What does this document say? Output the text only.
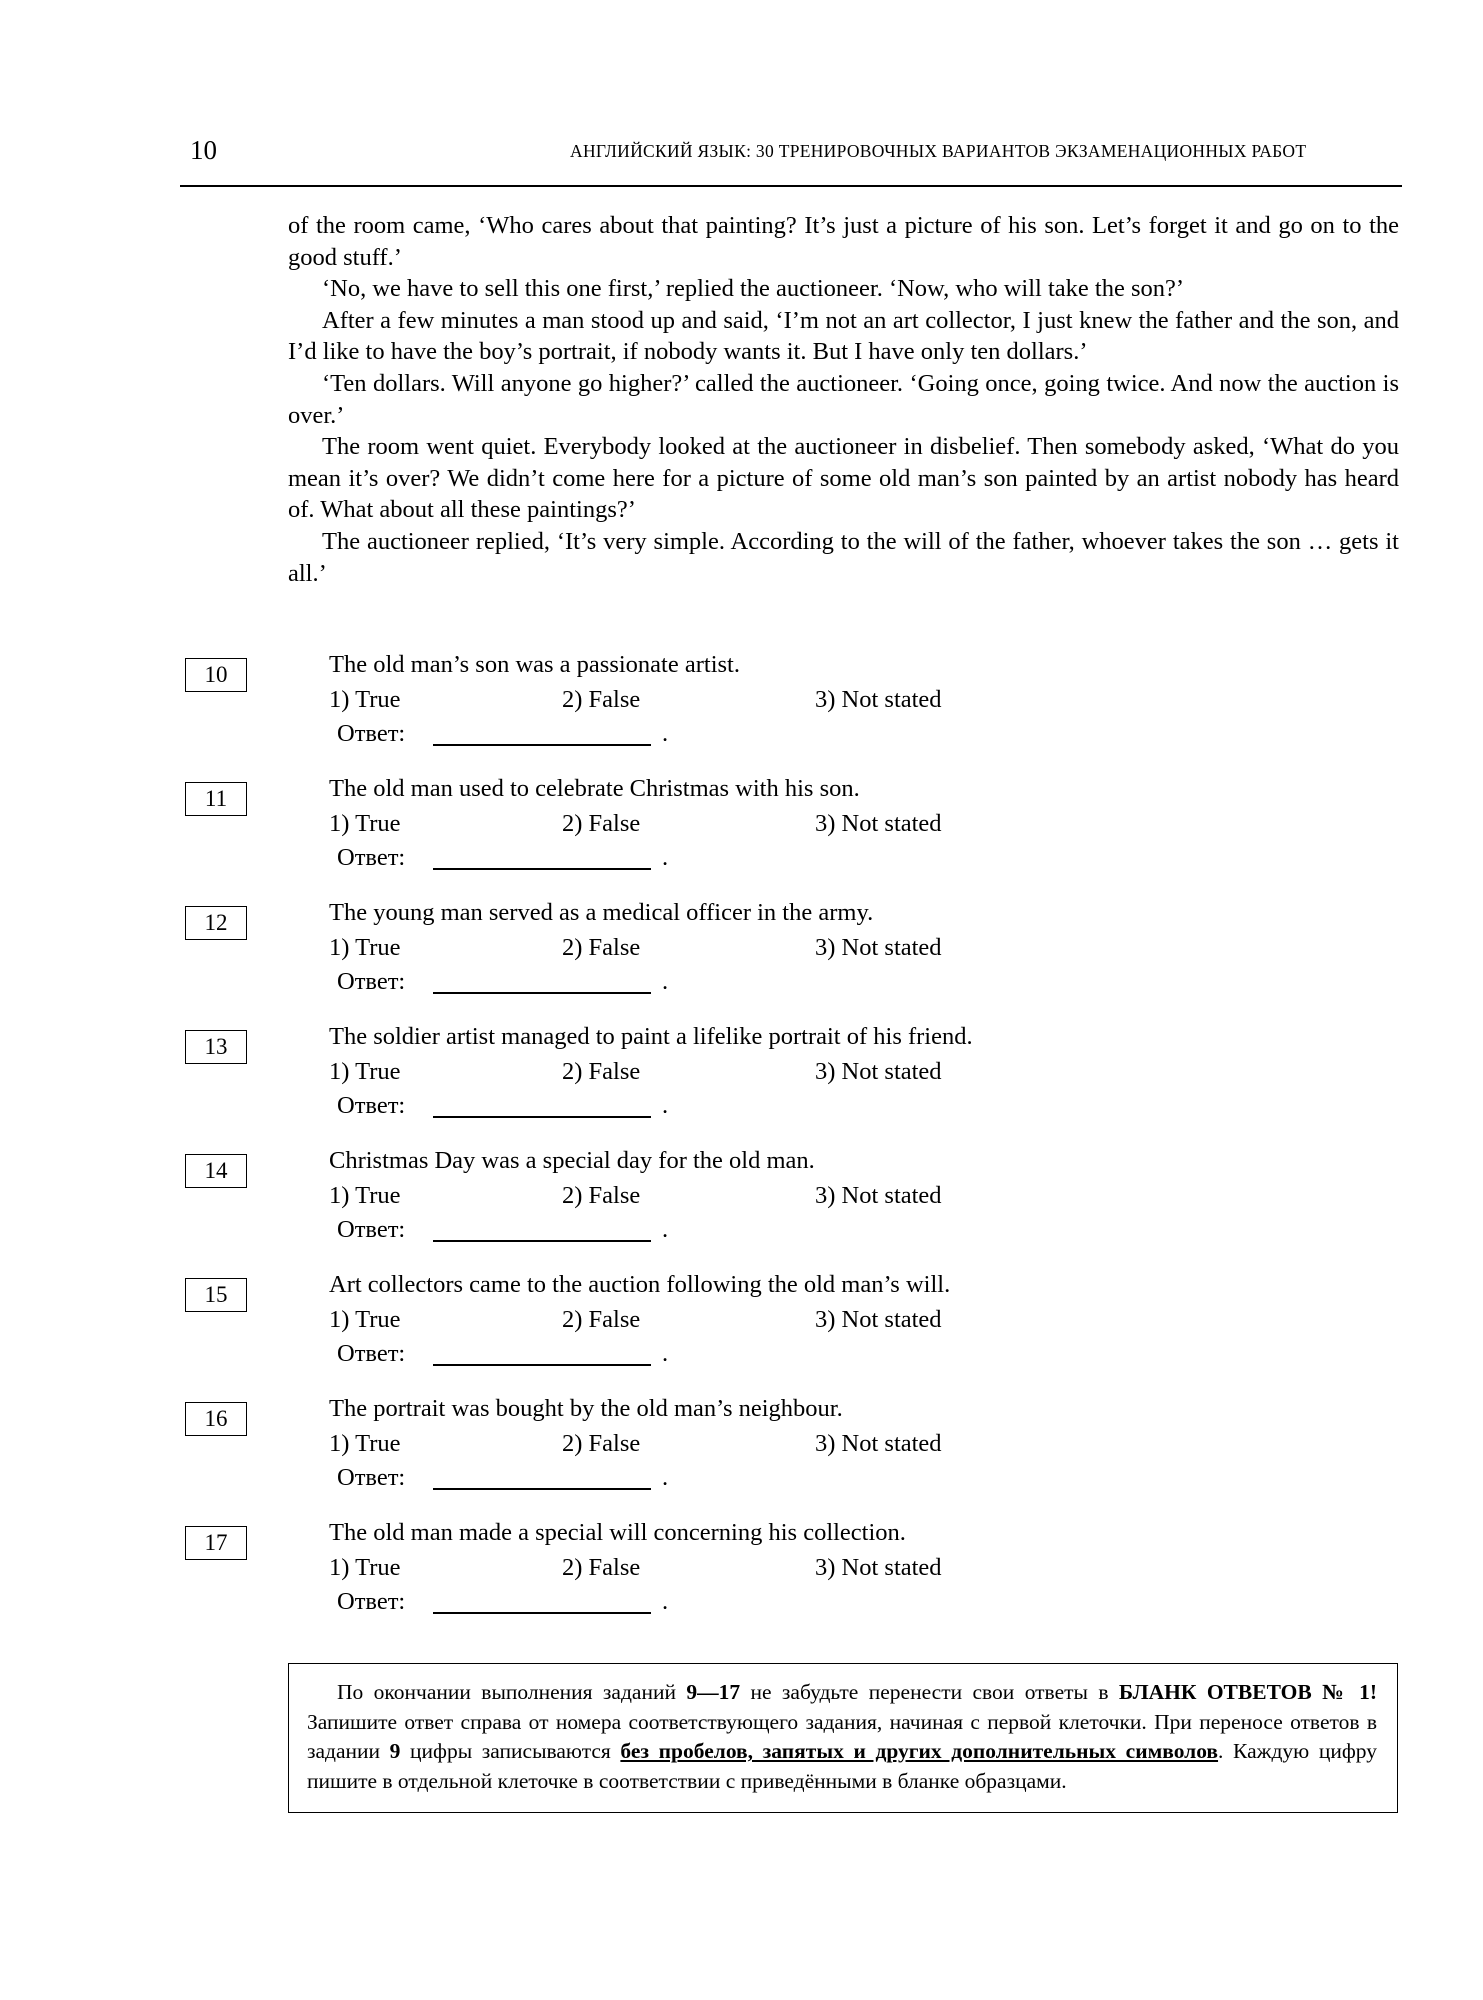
10	АНГЛИЙСКИЙ ЯЗЫК: 30 ТРЕНИРОВОЧНЫХ ВАРИАНТОВ ЭКЗАМЕНАЦИОННЫХ РАБОТ

of the room came, ‘Who cares about that painting? It’s just a picture of his son. Let’s forget it and go on to the good stuff.’

‘No, we have to sell this one first,’ replied the auctioneer. ‘Now, who will take the son?’

After a few minutes a man stood up and said, ‘I’m not an art collector, I just knew the father and the son, and I’d like to have the boy’s portrait, if nobody wants it. But I have only ten dollars.’

‘Ten dollars. Will anyone go higher?’ called the auctioneer. ‘Going once, going twice. And now the auction is over.’

The room went quiet. Everybody looked at the auctioneer in disbelief. Then somebody asked, ‘What do you mean it’s over? We didn’t come here for a picture of some old man’s son painted by an artist nobody has heard of. What about all these paintings?’

The auctioneer replied, ‘It’s very simple. According to the will of the father, whoever takes the son … gets it all.’

10	The old man’s son was a passionate artist.
1) True	2) False	3) Not stated
Ответ:	.
11	The old man used to celebrate Christmas with his son.
1) True	2) False	3) Not stated
Ответ:	.
12	The young man served as a medical officer in the army.
1) True	2) False	3) Not stated
Ответ:	.
13	The soldier artist managed to paint a lifelike portrait of his friend.
1) True	2) False	3) Not stated
Ответ:	.
14	Christmas Day was a special day for the old man.
1) True	2) False	3) Not stated
Ответ:	.
15	Art collectors came to the auction following the old man’s will.
1) True	2) False	3) Not stated
Ответ:	.
16	The portrait was bought by the old man’s neighbour.
1) True	2) False	3) Not stated
Ответ:	.
17	The old man made a special will concerning his collection.
1) True	2) False	3) Not stated
Ответ:	.

По окончании выполнения заданий 9—17 не забудьте перенести свои ответы в БЛАНК ОТВЕТОВ № 1! Запишите ответ справа от номера соответствующего задания, начиная с первой клеточки. При переносе ответов в задании 9 цифры записываются без пробелов, запятых и других дополнительных символов. Каждую цифру пишите в отдельной клеточке в соответствии с приведёнными в бланке образцами.
